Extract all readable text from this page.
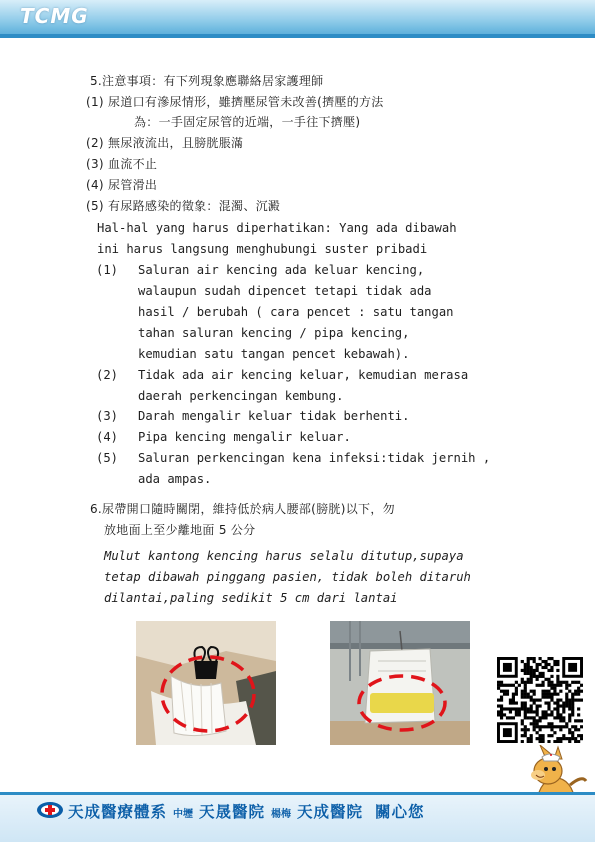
TCMG
5.注意事項：有下列現象應聯絡居家護理師
(1) 尿道口有滲尿情形，雖擠壓尿管未改善(擠壓的方法
為：一手固定尿管的近端，一手往下擠壓)
(2) 無尿液流出，且膀胱脹滿
(3) 血流不止
(4) 尿管滑出
(5) 有尿路感染的徵象：混濁、沉澱
Hal-hal yang harus diperhatikan: Yang ada dibawah
ini harus langsung menghubungi suster pribadi
(1) Saluran air kencing ada keluar kencing,
walaupun sudah dipencet tetapi tidak ada
hasil / berubah ( cara pencet : satu tangan
tahan saluran kencing / pipa kencing,
kemudian satu tangan pencet kebawah).
(2) Tidak ada air kencing keluar, kemudian merasa
daerah perkencingan kembung.
(3) Darah mengalir keluar tidak berhenti.
(4) Pipa kencing mengalir keluar.
(5) Saluran perkencingan kena infeksi:tidak jernih ,
ada ampas.
6.尿帶開口隨時關閉，維持低於病人腰部(膀胱)以下，勿
放地面上至少離地面 5 公分
Mulut kantong kencing harus selalu ditutup,supaya
tetap dibawah pinggang pasien, tidak boleh ditaruh
dilantai,paling sedikit 5 cm dari lantai
天成醫療體系 中壢 天晟醫院 楊梅 天成醫院 關心您
